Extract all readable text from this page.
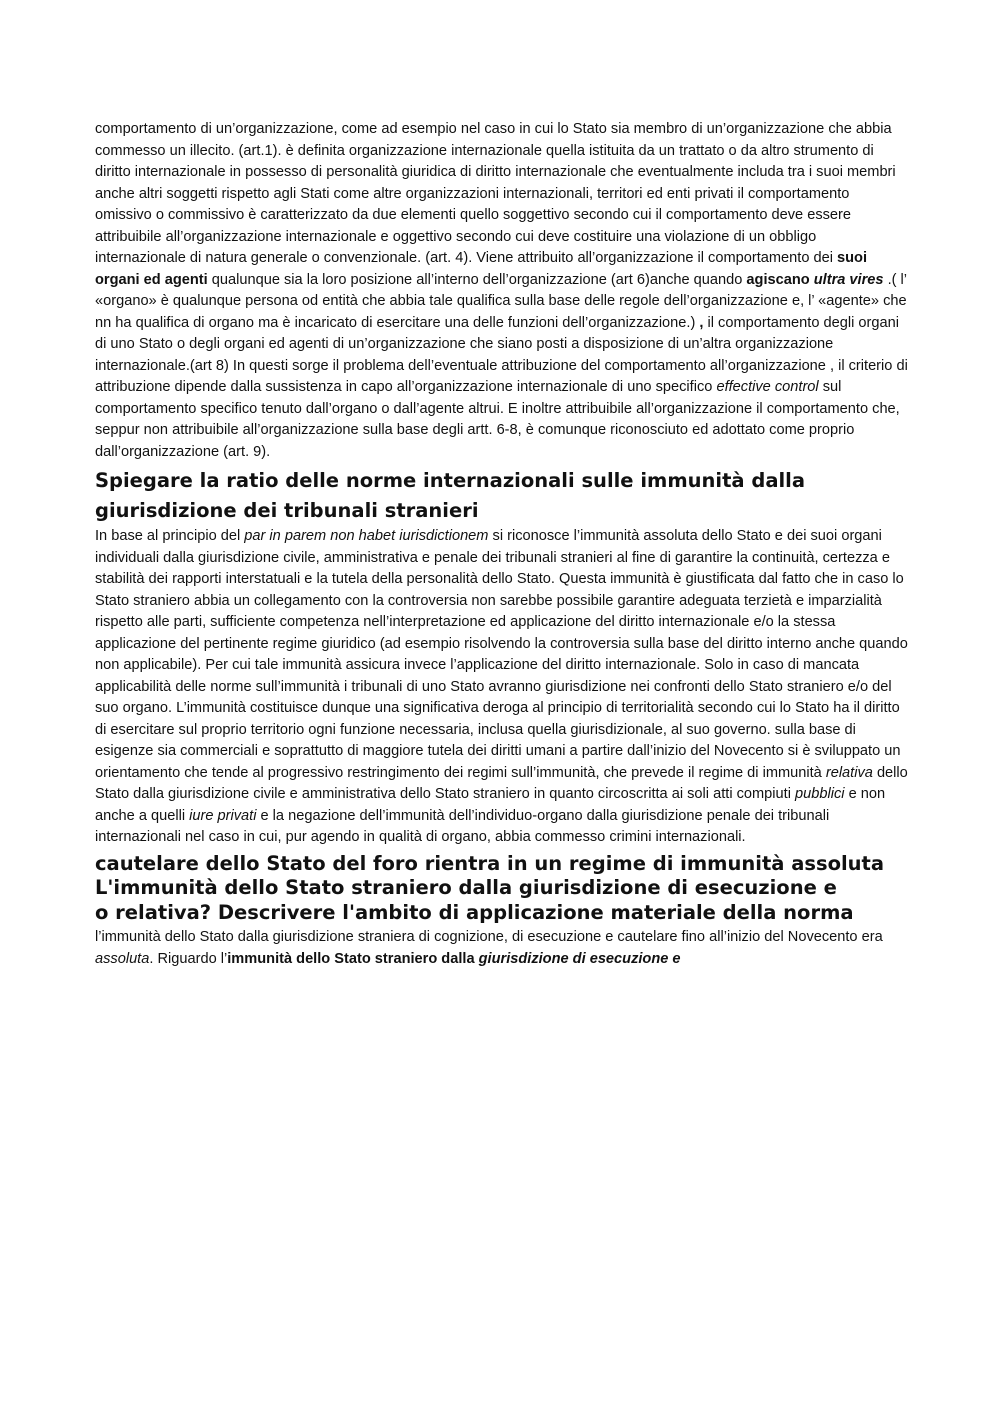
comportamento di un’organizzazione, come ad esempio nel caso in cui lo Stato sia membro di un’organizzazione che abbia commesso un illecito. (art.1). è definita organizzazione internazionale quella istituita da un trattato o da altro strumento di diritto internazionale in possesso di personalità giuridica di diritto internazionale che eventualmente includa tra i suoi membri anche altri soggetti rispetto agli Stati come altre organizzazioni internazionali, territori ed enti privati il comportamento omissivo o commissivo è caratterizzato da due elementi quello soggettivo secondo cui il comportamento deve essere attribuibile all’organizzazione internazionale e oggettivo secondo cui deve costituire una violazione di un obbligo internazionale di natura generale o convenzionale. (art. 4). Viene attribuito all’organizzazione il comportamento dei suoi organi ed agenti qualunque sia la loro posizione all’interno dell’organizzazione (art 6)anche quando agiscano ultra vires .( l’ «organo» è qualunque persona od entità che abbia tale qualifica sulla base delle regole dell’organizzazione e, l’ «agente» che nn ha qualifica di organo ma è incaricato di esercitare una delle funzioni dell’organizzazione.) , il comportamento degli organi di uno Stato o degli organi ed agenti di un’organizzazione che siano posti a disposizione di un’altra organizzazione internazionale.(art 8) In questi sorge il problema dell’eventuale attribuzione del comportamento all’organizzazione , il criterio di attribuzione dipende dalla sussistenza in capo all’organizzazione internazionale di uno specifico effective control sul comportamento specifico tenuto dall’organo o dall’agente altrui. E inoltre attribuibile all’organizzazione il comportamento che, seppur non attribuibile all’organizzazione sulla base degli artt. 6-8, è comunque riconosciuto ed adottato come proprio dall’organizzazione (art. 9).

Spiegare la ratio delle norme internazionali sulle immunità dalla giurisdizione dei tribunali stranieri

In base al principio del par in parem non habet iurisdictionem si riconosce l’immunità assoluta dello Stato e dei suoi organi individuali dalla giurisdizione civile, amministrativa e penale dei tribunali stranieri al fine di garantire la continuità, certezza e stabilità dei rapporti interstatuali e la tutela della personalità dello Stato. Questa immunità è giustificata dal fatto che in caso lo Stato straniero abbia un collegamento con la controversia non sarebbe possibile garantire adeguata terzietà e imparzialità rispetto alle parti, sufficiente competenza nell’interpretazione ed applicazione del diritto internazionale e/o la stessa applicazione del pertinente regime giuridico (ad esempio risolvendo la controversia sulla base del diritto interno anche quando non applicabile). Per cui tale immunità assicura invece l’applicazione del diritto internazionale. Solo in caso di mancata applicabilità delle norme sull’immunità i tribunali di uno Stato avranno giurisdizione nei confronti dello Stato straniero e/o del suo organo. L’immunità costituisce dunque una significativa deroga al principio di territorialità secondo cui lo Stato ha il diritto di esercitare sul proprio territorio ogni funzione necessaria, inclusa quella giurisdizionale, al suo governo. sulla base di esigenze sia commerciali e soprattutto di maggiore tutela dei diritti umani a partire dall’inizio del Novecento si è sviluppato un orientamento che tende al progressivo restringimento dei regimi sull’immunità, che prevede il regime di immunità relativa dello Stato dalla giurisdizione civile e amministrativa dello Stato straniero in quanto circoscritta ai soli atti compiuti pubblici e non anche a quelli iure privati e la negazione dell’immunità dell’individuo-organo dalla giurisdizione penale dei tribunali internazionali nel caso in cui, pur agendo in qualità di organo, abbia commesso crimini internazionali.

cautelare dello Stato del foro rientra in un regime di immunità assoluta
L'immunità dello Stato straniero dalla giurisdizione di esecuzione e
o relativa? Descrivere l'ambito di applicazione materiale della norma

l’immunità dello Stato dalla giurisdizione straniera di cognizione, di esecuzione e cautelare fino all’inizio del Novecento era assoluta. Riguardo l’immunità dello Stato straniero dalla giurisdizione di esecuzione e
